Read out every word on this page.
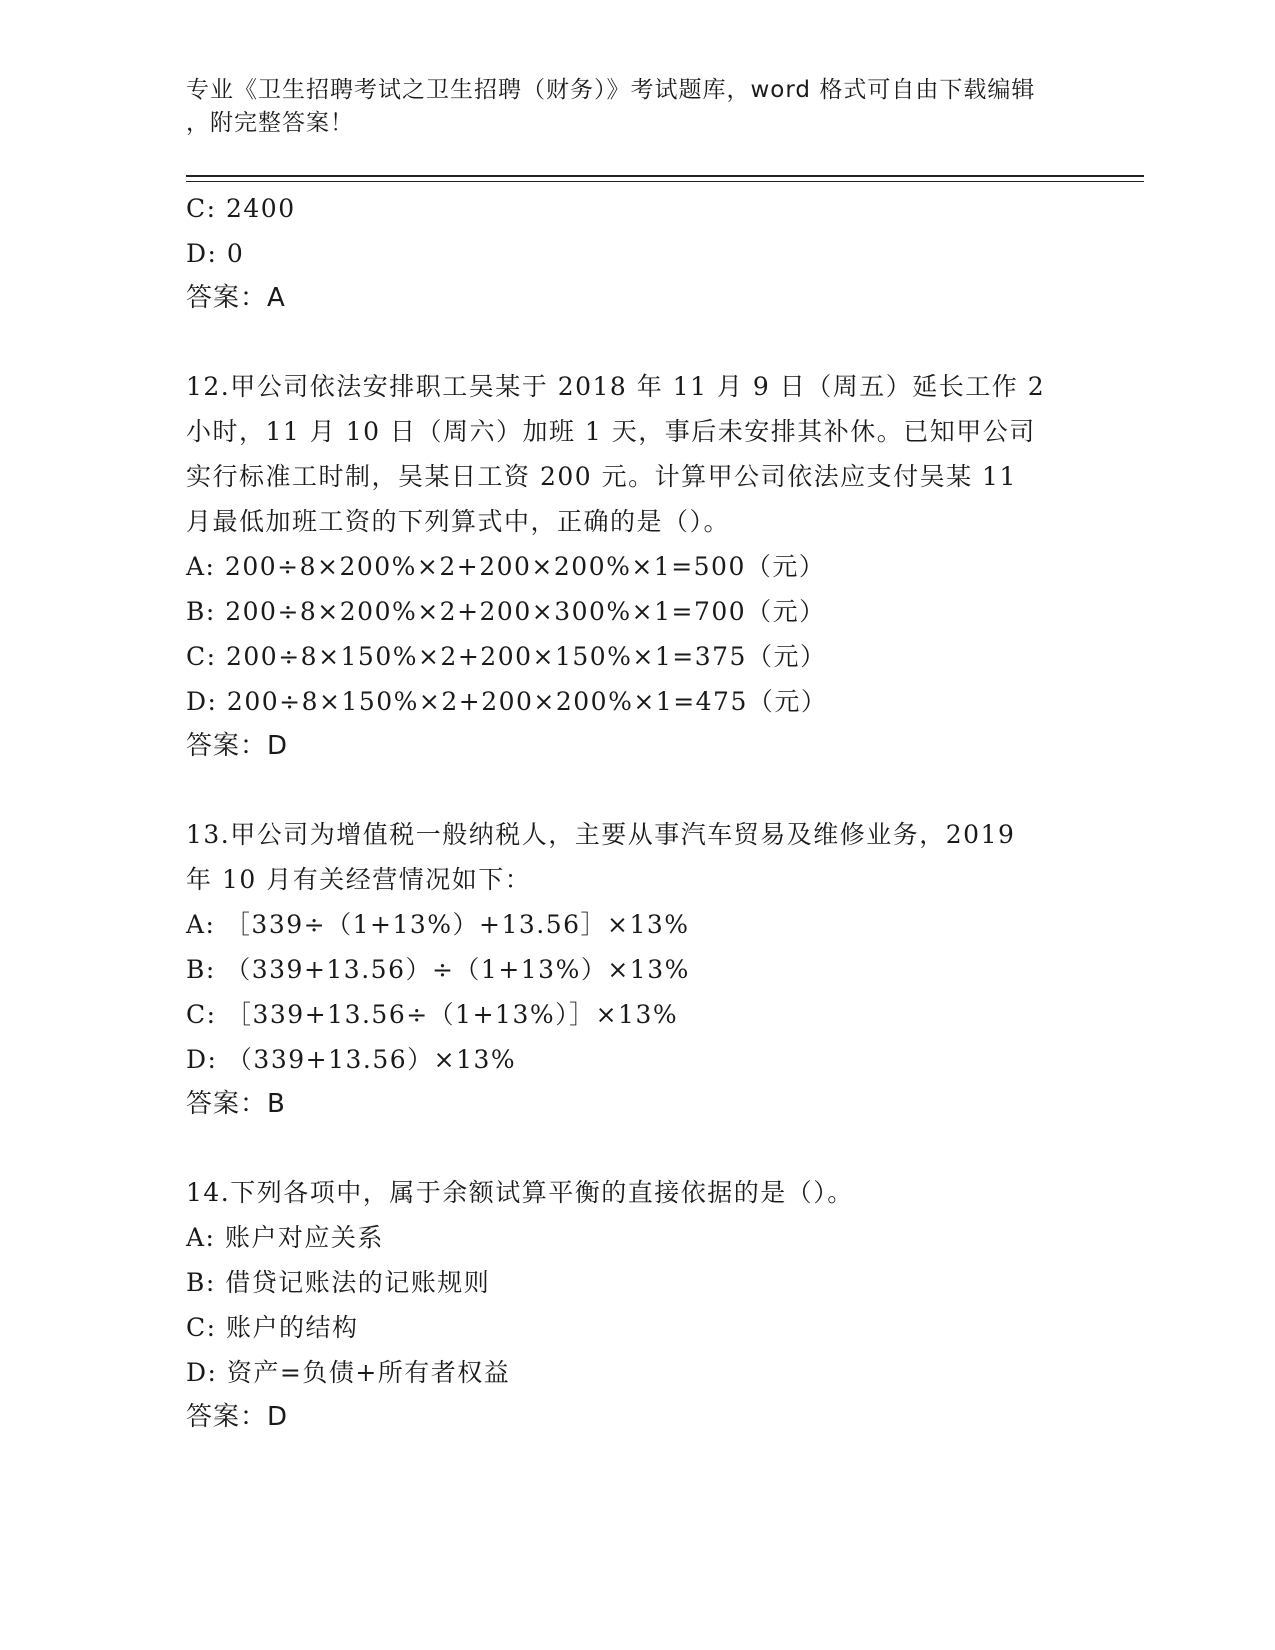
专业《卫生招聘考试之卫生招聘（财务）》考试题库，word 格式可自由下载编辑
，附完整答案！
C: 2400
D: 0
答案：A
12.甲公司依法安排职工吴某于 2018 年 11 月 9 日（周五）延长工作 2
小时，11 月 10 日（周六）加班 1 天，事后未安排其补休。已知甲公司
实行标准工时制，吴某日工资 200 元。计算甲公司依法应支付吴某 11
月最低加班工资的下列算式中，正确的是（）。
A: 200÷8×200%×2+200×200%×1=500（元）
B: 200÷8×200%×2+200×300%×1=700（元）
C: 200÷8×150%×2+200×150%×1=375（元）
D: 200÷8×150%×2+200×200%×1=475（元）
答案：D
13.甲公司为增值税一般纳税人，主要从事汽车贸易及维修业务，2019
年 10 月有关经营情况如下：
A: ［339÷（1+13%）+13.56］×13%
B: （339+13.56）÷（1+13%）×13%
C: ［339+13.56÷（1+13%）］×13%
D: （339+13.56）×13%
答案：B
14.下列各项中，属于余额试算平衡的直接依据的是（）。
A: 账户对应关系
B: 借贷记账法的记账规则
C: 账户的结构
D: 资产=负债+所有者权益
答案：D
